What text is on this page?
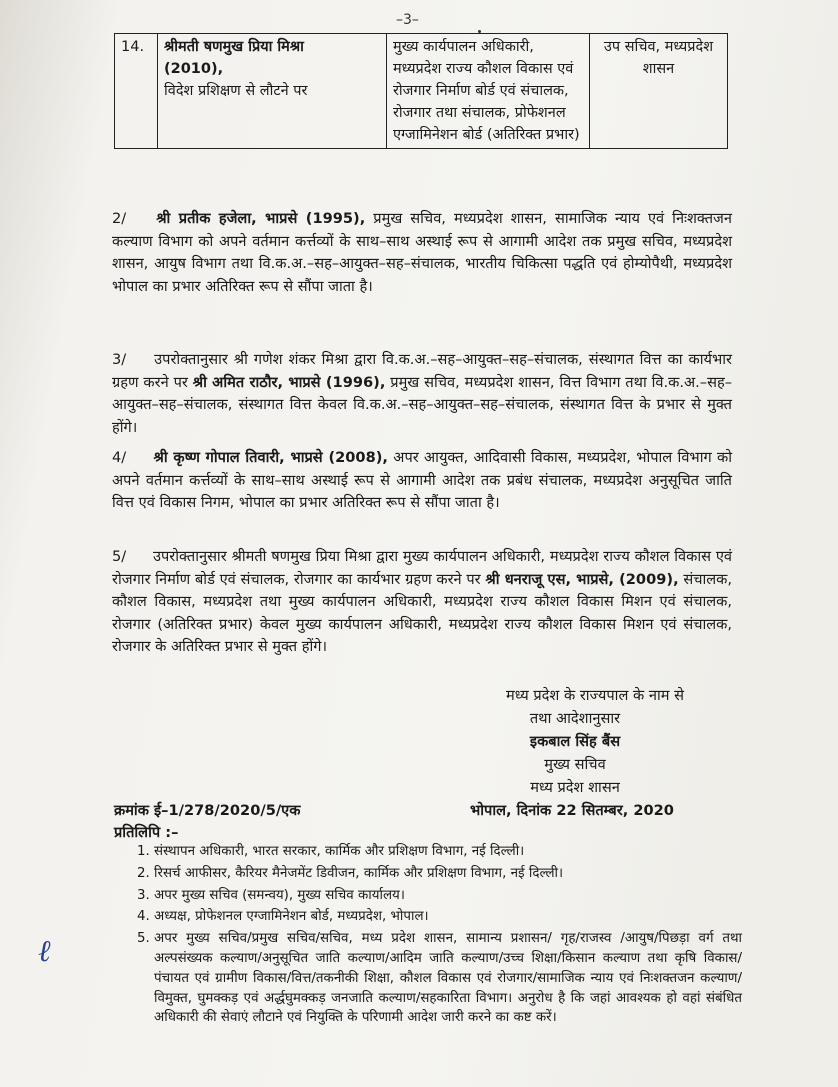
–3–
14.	श्रीमती षणमुख प्रिया मिश्रा
(2010),
विदेश प्रशिक्षण से लौटने पर
	मुख्य कार्यपालन अधिकारी, मध्यप्रदेश राज्य कौशल विकास एवं रोजगार निर्माण बोर्ड एवं संचालक, रोजगार तथा संचालक, प्रोफेशनल एग्जामिनेशन बोर्ड (अतिरिक्त प्रभार)	उप सचिव, मध्यप्रदेश शासन
2/ श्री प्रतीक हजेला, भाप्रसे (1995), प्रमुख सचिव, मध्यप्रदेश शासन, सामाजिक न्याय एवं निःशक्तजन कल्याण विभाग को अपने वर्तमान कर्त्तव्यों के साथ–साथ अस्थाई रूप से आगामी आदेश तक प्रमुख सचिव, मध्यप्रदेश शासन, आयुष विभाग तथा वि.क.अ.–सह–आयुक्त–सह–संचालक, भारतीय चिकित्सा पद्धति एवं होम्योपैथी, मध्यप्रदेश भोपाल का प्रभार अतिरिक्त रूप से सौंपा जाता है।
3/ उपरोक्तानुसार श्री गणेश शंकर मिश्रा द्वारा वि.क.अ.–सह–आयुक्त–सह–संचालक, संस्थागत वित्त का कार्यभार ग्रहण करने पर श्री अमित राठौर, भाप्रसे (1996), प्रमुख सचिव, मध्यप्रदेश शासन, वित्त विभाग तथा वि.क.अ.–सह–आयुक्त–सह–संचालक, संस्थागत वित्त केवल वि.क.अ.–सह–आयुक्त–सह–संचालक, संस्थागत वित्त के प्रभार से मुक्त होंगे।
4/ श्री कृष्ण गोपाल तिवारी, भाप्रसे (2008), अपर आयुक्त, आदिवासी विकास, मध्यप्रदेश, भोपाल विभाग को अपने वर्तमान कर्त्तव्यों के साथ–साथ अस्थाई रूप से आगामी आदेश तक प्रबंध संचालक, मध्यप्रदेश अनुसूचित जाति वित्त एवं विकास निगम, भोपाल का प्रभार अतिरिक्त रूप से सौंपा जाता है।
5/ उपरोक्तानुसार श्रीमती षणमुख प्रिया मिश्रा द्वारा मुख्य कार्यपालन अधिकारी, मध्यप्रदेश राज्य कौशल विकास एवं रोजगार निर्माण बोर्ड एवं संचालक, रोजगार का कार्यभार ग्रहण करने पर श्री धनराजू एस, भाप्रसे, (2009), संचालक, कौशल विकास, मध्यप्रदेश तथा मुख्य कार्यपालन अधिकारी, मध्यप्रदेश राज्य कौशल विकास मिशन एवं संचालक, रोजगार (अतिरिक्त प्रभार) केवल मुख्य कार्यपालन अधिकारी, मध्यप्रदेश राज्य कौशल विकास मिशन एवं संचालक, रोजगार के अतिरिक्त प्रभार से मुक्त होंगे।
मध्य प्रदेश के राज्यपाल के नाम से
तथा आदेशानुसार
इकबाल सिंह बैंस
मुख्य सचिव
मध्य प्रदेश शासन
क्रमांक ई–1/278/2020/5/एक	भोपाल, दिनांक 22 सितम्बर, 2020
प्रतिलिपि :–
1. संस्थापन अधिकारी, भारत सरकार, कार्मिक और प्रशिक्षण विभाग, नई दिल्ली।
2. रिसर्च आफीसर, कैरियर मैनेजमेंट डिवीजन, कार्मिक और प्रशिक्षण विभाग, नई दिल्ली।
3. अपर मुख्य सचिव (समन्वय), मुख्य सचिव कार्यालय।
4. अध्यक्ष, प्रोफेशनल एग्जामिनेशन बोर्ड, मध्यप्रदेश, भोपाल।
5. अपर मुख्य सचिव/प्रमुख सचिव/सचिव, मध्य प्रदेश शासन, सामान्य प्रशासन/ गृह/राजस्व /आयुष/पिछड़ा वर्ग तथा अल्पसंख्यक कल्याण/अनुसूचित जाति कल्याण/आदिम जाति कल्याण/उच्च शिक्षा/किसान कल्याण तथा कृषि विकास/पंचायत एवं ग्रामीण विकास/वित्त/तकनीकी शिक्षा, कौशल विकास एवं रोजगार/सामाजिक न्याय एवं निःशक्तजन कल्याण/विमुक्त, घुमक्कड़ एवं अर्द्धघुमक्कड़ जनजाति कल्याण/सहकारिता विभाग। अनुरोध है कि जहां आवश्यक हो वहां संबंधित अधिकारी की सेवाएं लौटाने एवं नियुक्ति के परिणामी आदेश जारी करने का कष्ट करें।
ℓ
